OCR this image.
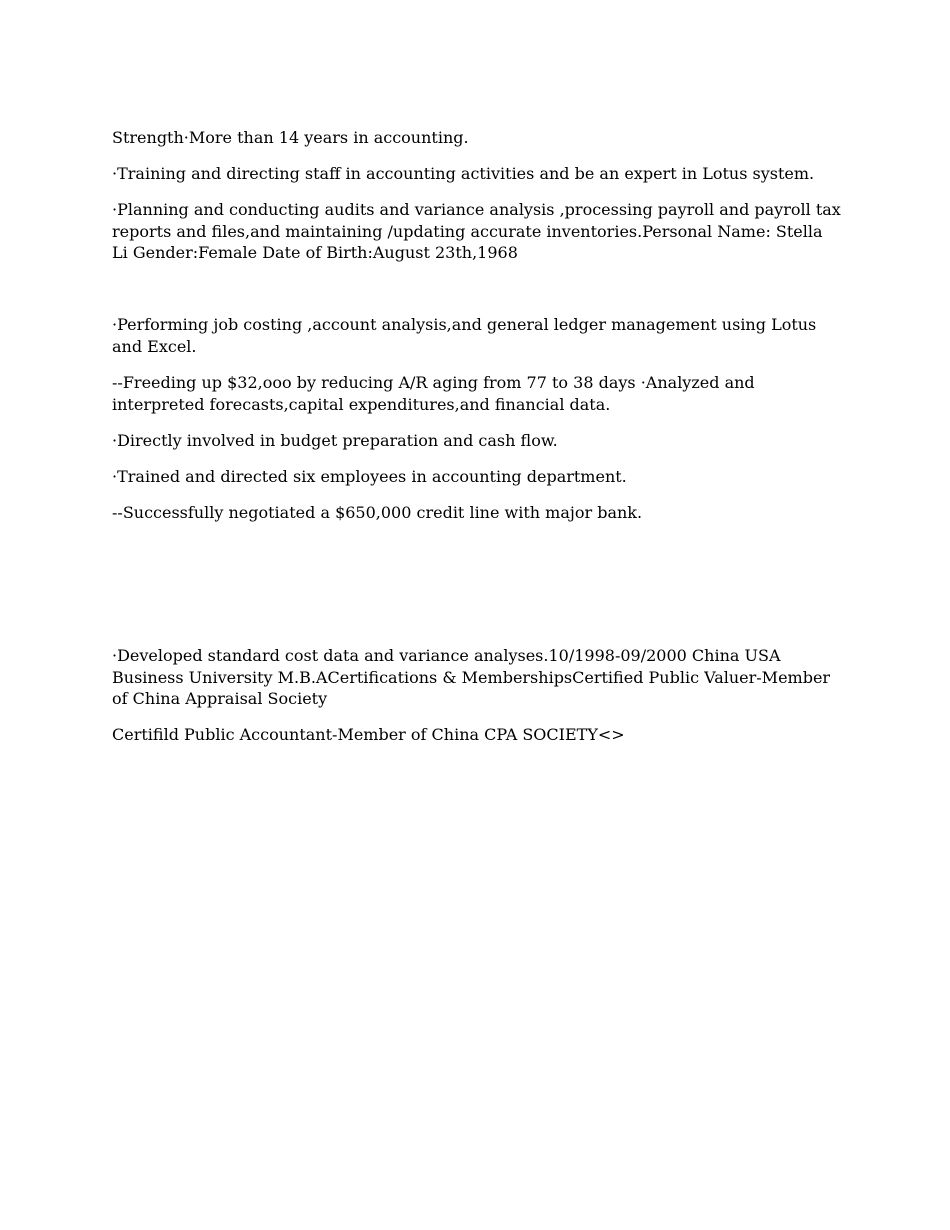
Strength·More than 14 years in accounting.

·Training and directing staff in accounting activities and be an expert in Lotus system.

·Planning and conducting audits and variance analysis ,processing payroll and payroll tax reports and files,and maintaining /updating accurate inventories.Personal Name: Stella Li Gender:Female Date of Birth:August 23th,1968

·Performing job costing ,account analysis,and general ledger management using Lotus and Excel.

--Freeding up $32,ooo by reducing A/R aging from 77 to 38 days ·Analyzed and interpreted forecasts,capital expenditures,and financial data.

·Directly involved in budget preparation and cash flow.

·Trained and directed six employees in accounting department.

--Successfully negotiated a $650,000 credit line with major bank.

·Developed standard cost data and variance analyses.10/1998-09/2000 China USA Business University M.B.ACertifications & MembershipsCertified Public Valuer-Member of China Appraisal Society

Certifild Public Accountant-Member of China CPA SOCIETY<>
